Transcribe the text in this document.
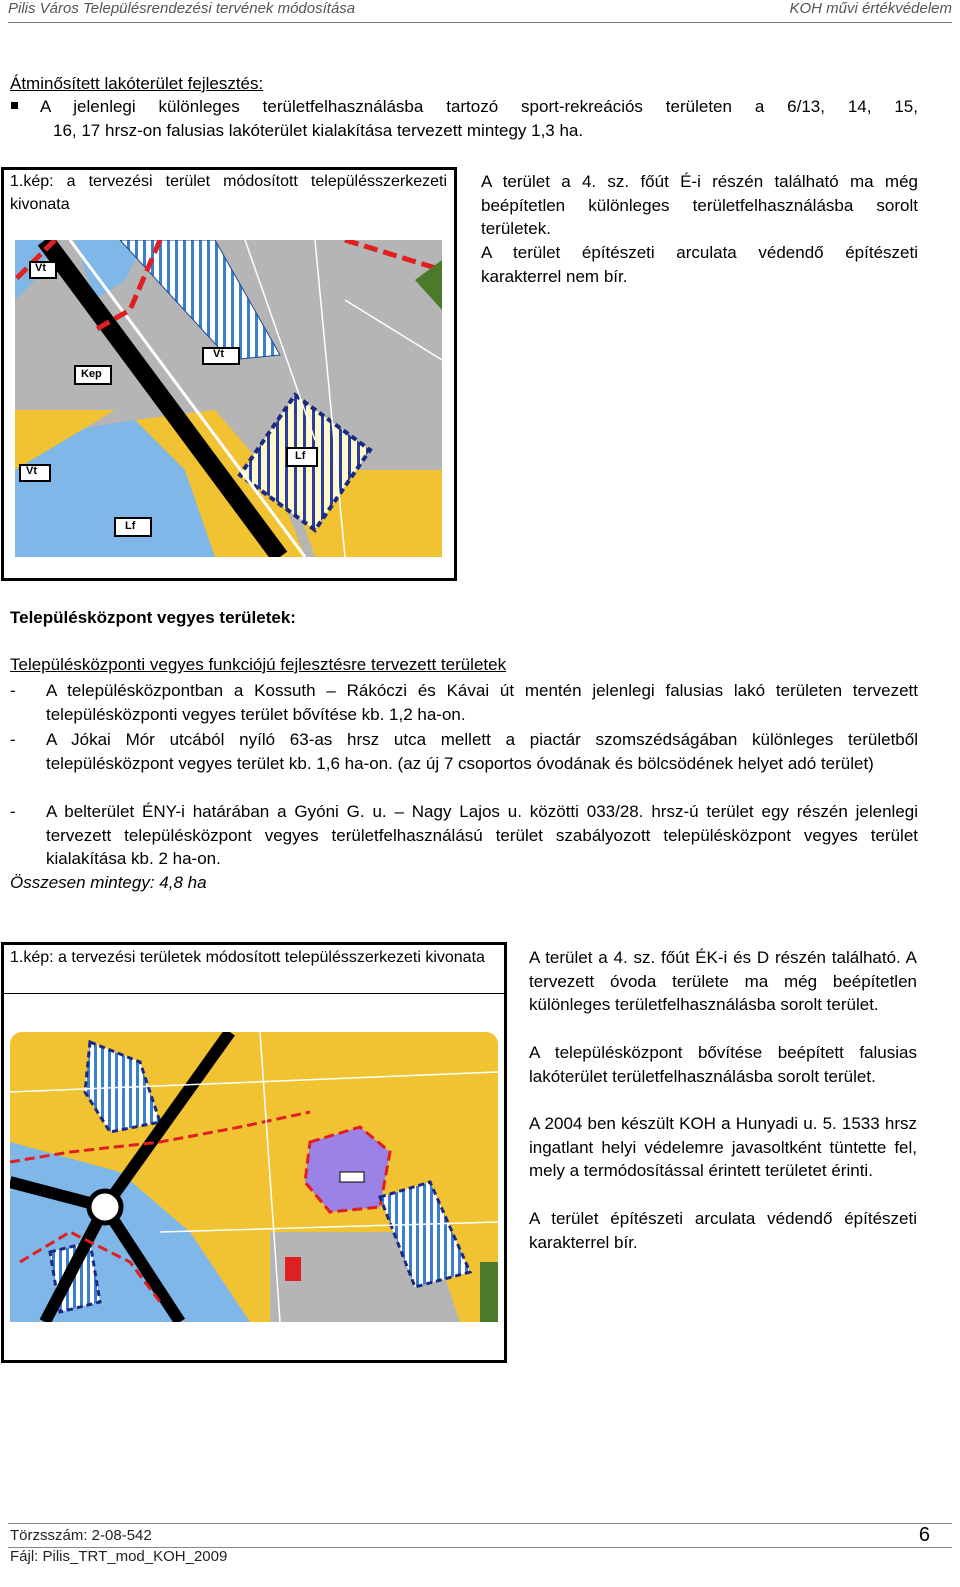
Pilis Város Településrendezési tervének módosítása	KOH művi értékvédelem
Átminősített lakóterület fejlesztés:
A jelenlegi különleges területfelhasználásba tartozó sport-rekreációs területen a 6/13, 14, 15,
16, 17 hrsz-on falusias lakóterület kialakítása tervezett mintegy 1,3 ha.
1.kép: a tervezési terület módosított településszerkezeti kivonata
Vt
Vt
Kep
Lf
Vt
Lf
A terület a 4. sz. főút É-i részén található ma még beépítetlen különleges területfelhasználásba sorolt területek.
A terület építészeti arculata védendő építészeti karakterrel nem bír.
Településközpont vegyes területek:
Településközponti vegyes funkciójú fejlesztésre tervezett területek
- A településközpontban a Kossuth – Rákóczi és Kávai út mentén jelenlegi falusias lakó területen tervezett településközponti vegyes terület bővítése kb. 1,2 ha-on.
- A Jókai Mór utcából nyíló 63-as hrsz utca mellett a piactár szomszédságában különleges területből településközpont vegyes terület kb. 1,6 ha-on. (az új 7 csoportos óvodának és bölcsödének helyet adó terület)
- A belterület ÉNY-i határában a Gyóni G. u. – Nagy Lajos u. közötti 033/28. hrsz-ú terület egy részén jelenlegi tervezett településközpont vegyes területfelhasználású terület szabályozott településközpont vegyes terület kialakítása kb. 2 ha-on.
Összesen mintegy: 4,8 ha
1.kép: a tervezési területek módosított településszerkezeti kivonata	A terület a 4. sz. főút ÉK-i és D részén található. A tervezett óvoda területe ma még beépítetlen különleges területfelhasználásba sorolt terület.
A településközpont bővítése beépített falusias lakóterület területfelhasználásba sorolt terület.
A 2004 ben készült KOH a Hunyadi u. 5. 1533 hrsz ingatlant helyi védelemre javasoltként tüntette fel, mely a termódosítással érintett területet érinti.
A terület építészeti arculata védendő építészeti karakterrel bír.
Törzsszám: 2-08-542
Fájl: Pilis_TRT_mod_KOH_2009
6
